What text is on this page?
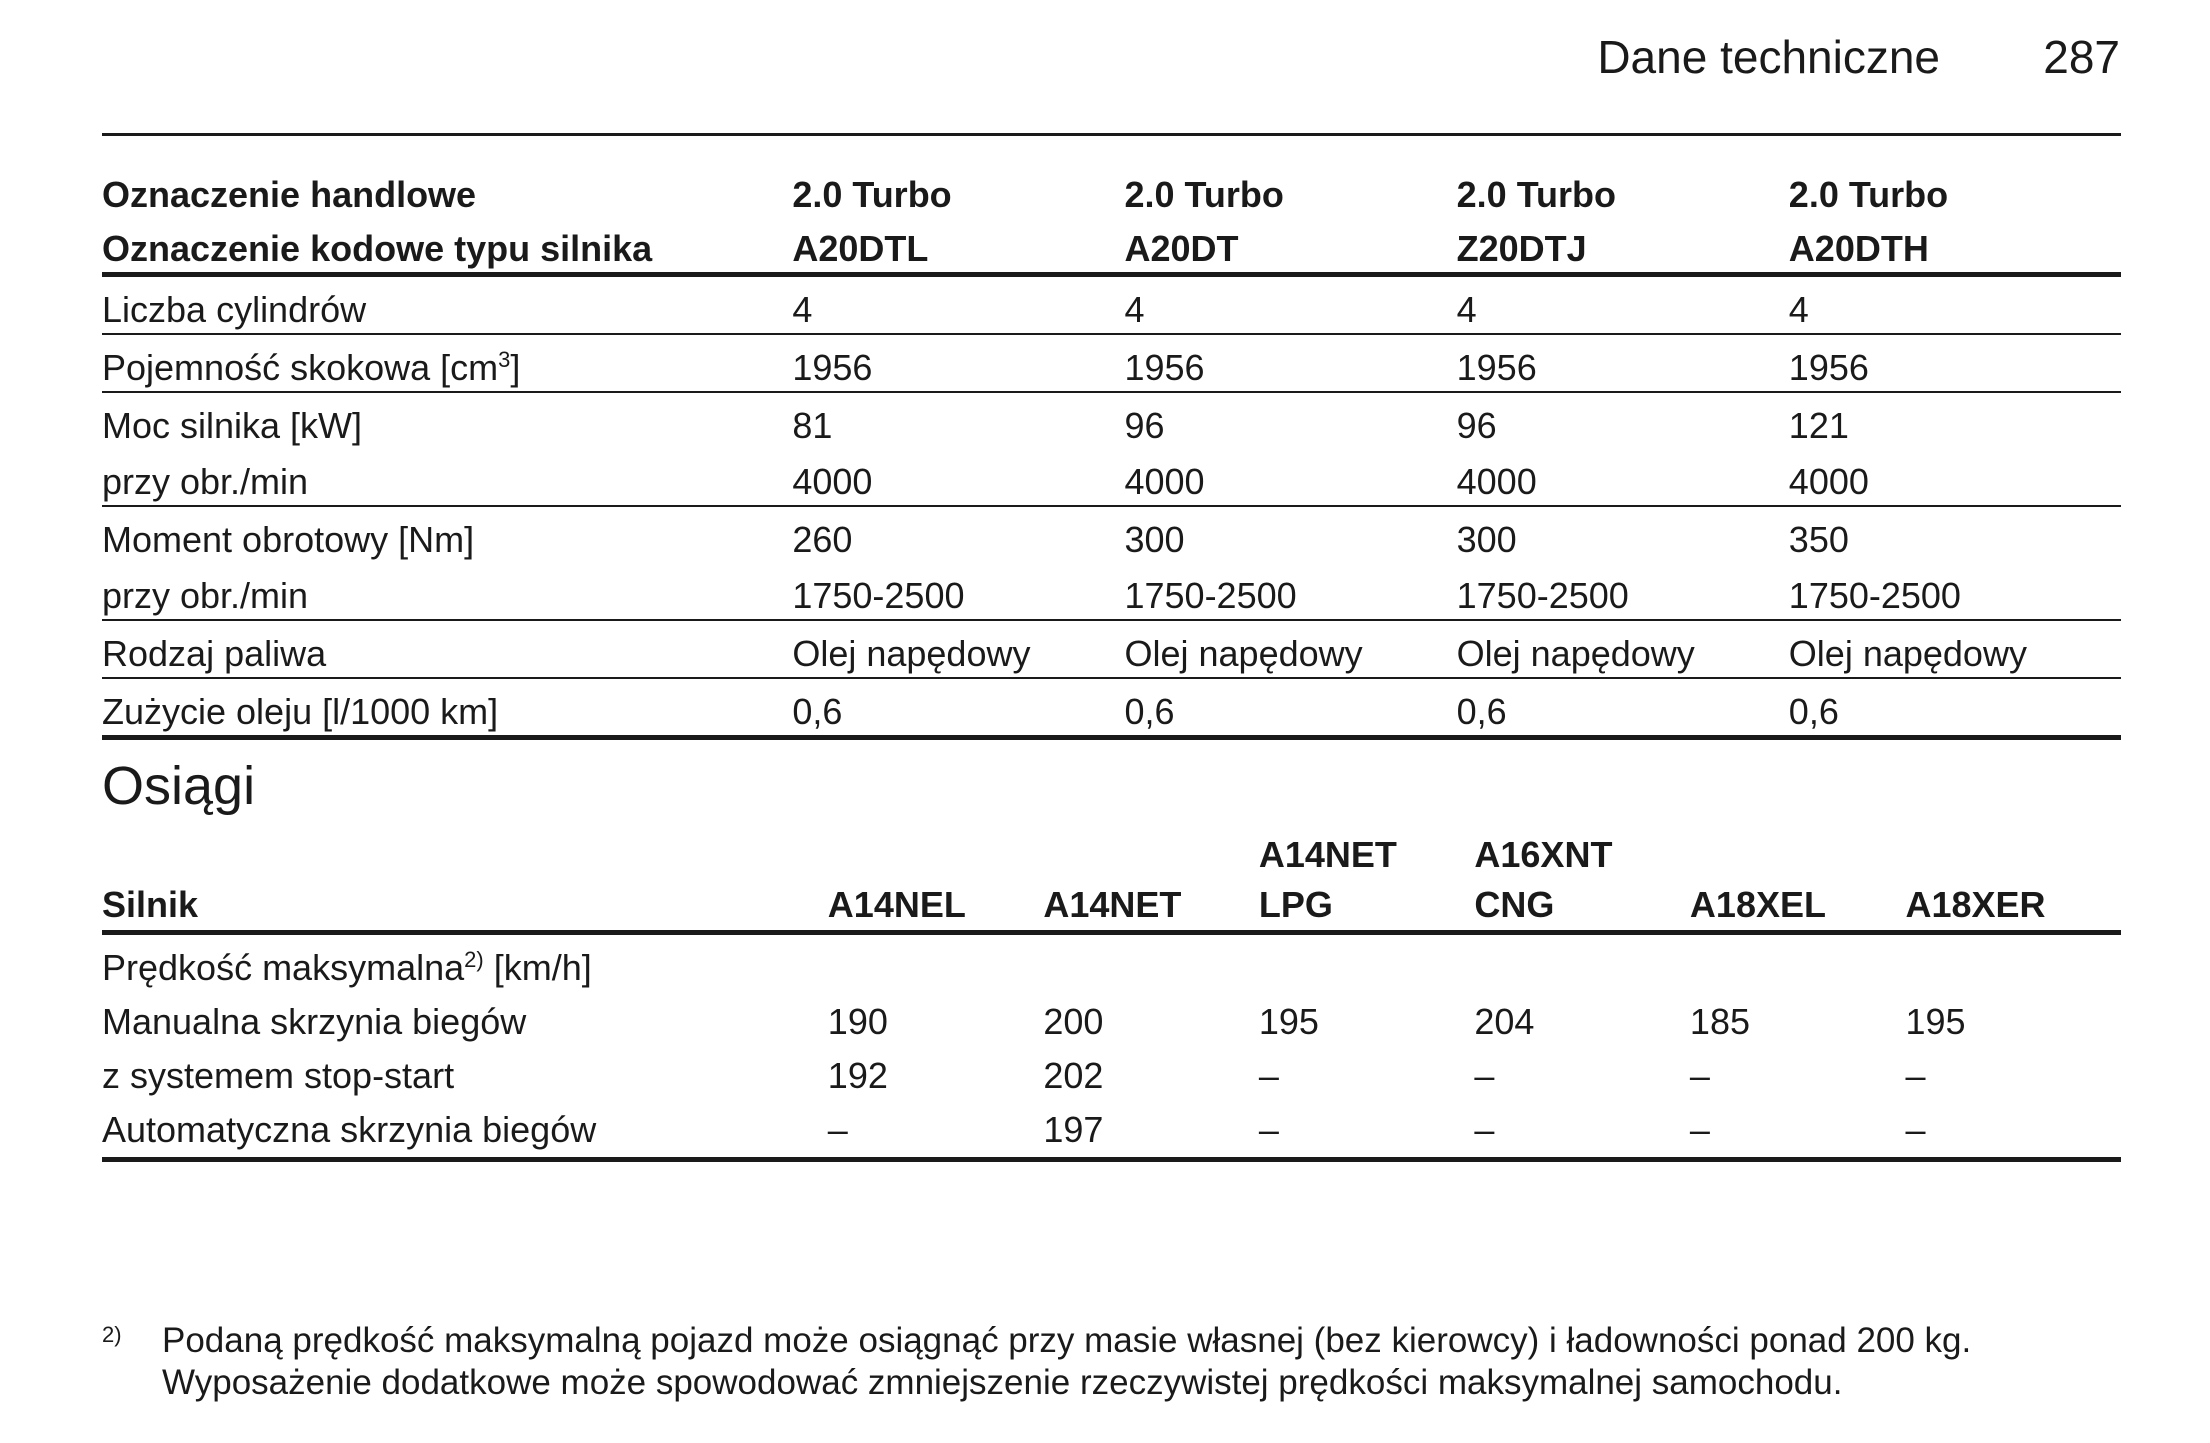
Dane techniczne 287
Oznaczenie handlowe	2.0 Turbo	2.0 Turbo	2.0 Turbo	2.0 Turbo
Oznaczenie kodowe typu silnika	A20DTL	A20DT	Z20DTJ	A20DTH
Liczba cylindrów	4	4	4	4
Pojemność skokowa $[cm^3]$	1956	1956	1956	1956
Moc silnika [kW]	81	96	96	121
przy obr./min	4000	4000	4000	4000
Moment obrotowy [Nm]	260	300	300	350
przy obr./min	1750-2500	1750-2500	1750-2500	1750-2500
Rodzaj paliwa	Olej napędowy	Olej napędowy	Olej napędowy	Olej napędowy
Zużycie oleju [l/1000 km]	0,6	0,6	0,6	0,6
Osiągi
			A14NET	A16XNT		
Silnik	A14NEL	A14NET	LPG	CNG	A18XEL	A18XER
Prędkość maksymalna$^{2)}$ [km/h]						
Manualna skrzynia biegów	190	200	195	204	185	195
z systemem stop-start	192	202	–	–	–	–
Automatyczna skrzynia biegów	–	197	–	–	–	–
2) Podaną prędkość maksymalną pojazd może osiągnąć przy masie własnej (bez kierowcy) i ładowności ponad 200 kg.
Wyposażenie dodatkowe może spowodować zmniejszenie rzeczywistej prędkości maksymalnej samochodu.
